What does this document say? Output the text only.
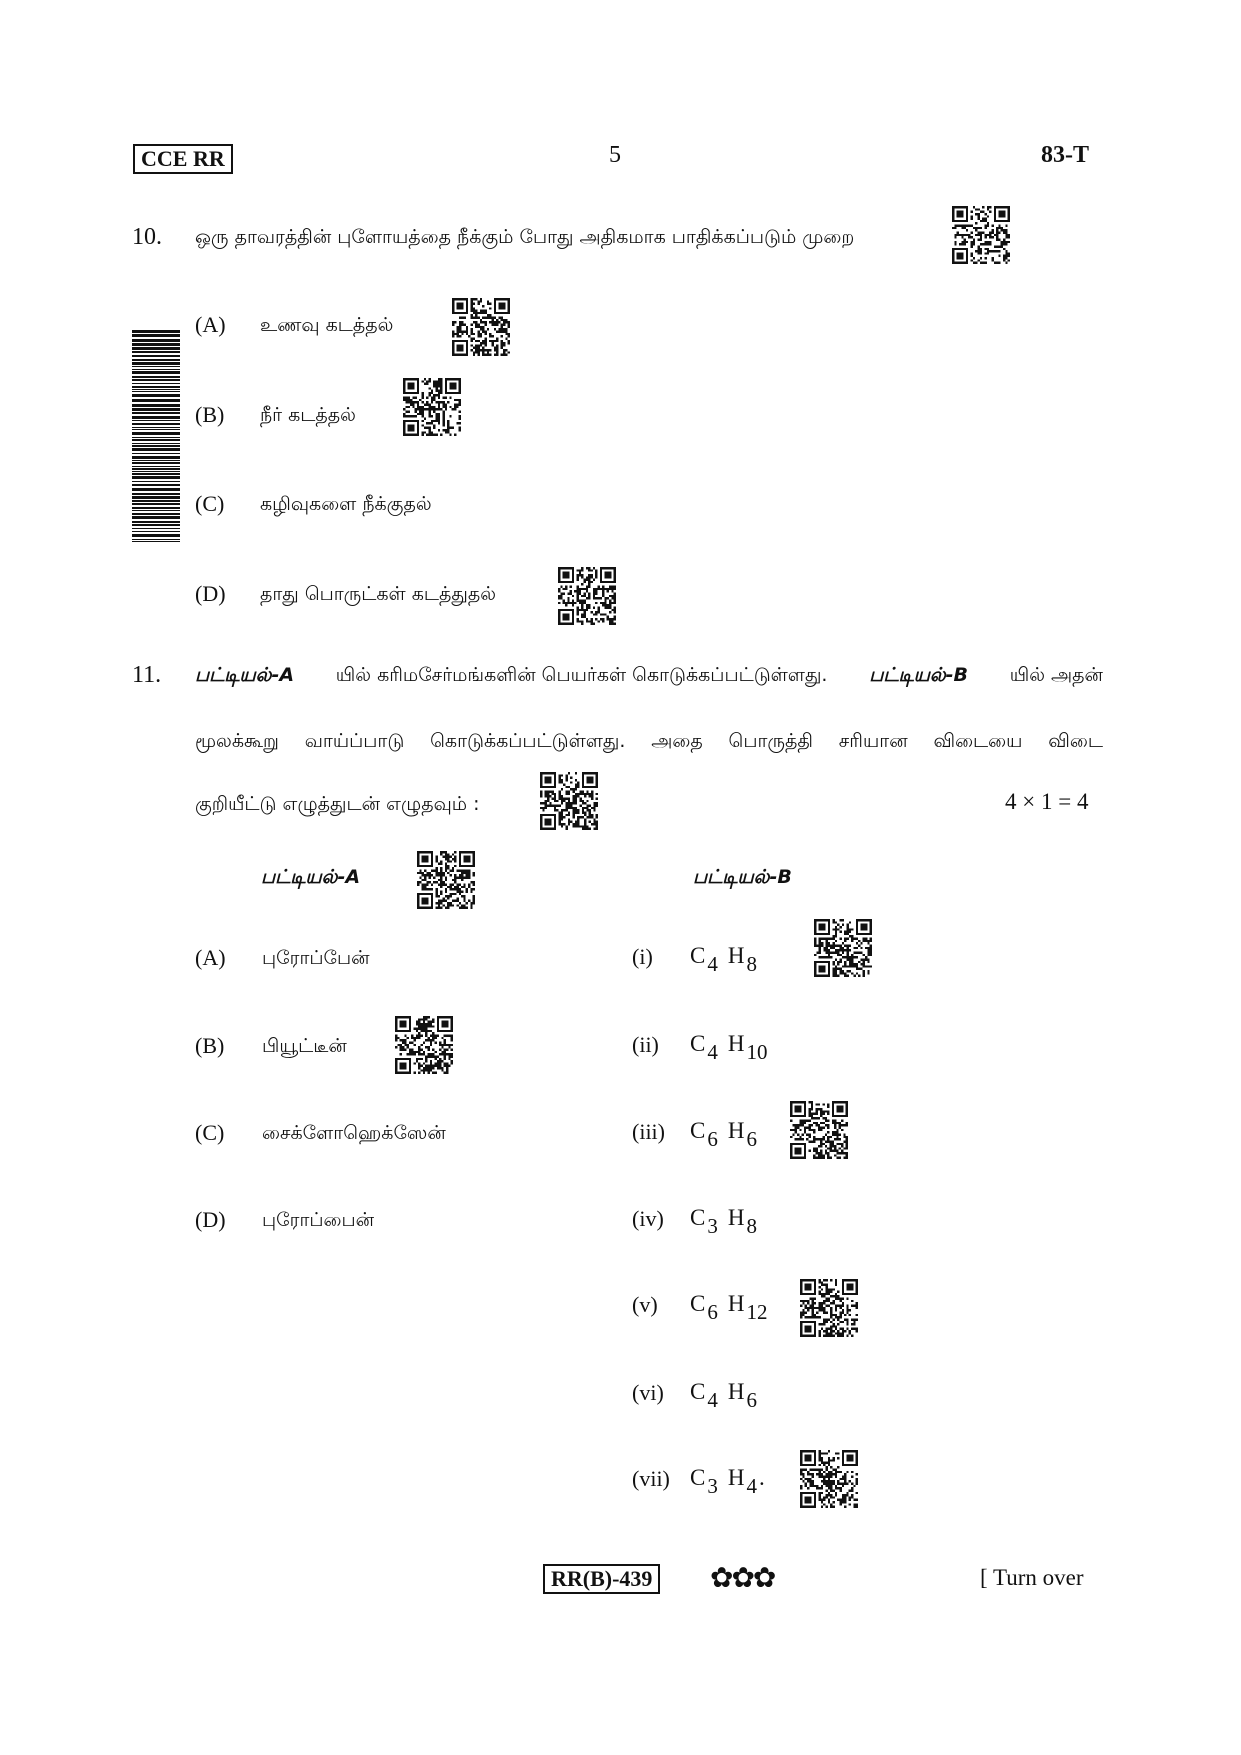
CCE RR	5	83-T
10. ஒரு தாவரத்தின் புளோயத்தை நீக்கும் போது அதிகமாக பாதிக்கப்படும் முறை
(A) உணவு கடத்தல்
(B) நீர் கடத்தல்
(C) கழிவுகளை நீக்குதல்
(D) தாது பொருட்கள் கடத்துதல்
11. பட்டியல்-A யில் கரிமசேர்மங்களின் பெயர்கள் கொடுக்கப்பட்டுள்ளது. பட்டியல்-B யில் அதன்
மூலக்கூறு வாய்ப்பாடு கொடுக்கப்பட்டுள்ளது. அதை பொருத்தி சரியான விடையை விடை
குறியீட்டு எழுத்துடன் எழுதவும் :	4 × 1 = 4
பட்டியல்-A	பட்டியல்-B
(A) புரோப்பேன்
(B) பியூட்டீன்
(C) சைக்ளோஹெக்ஸேன்
(D) புரோப்பைன்
(i) $C_4$ $H_8$
(ii) $C_4$ $H_{10}$
(iii) $C_6$ $H_6$
(iv) $C_3$ $H_8$
(v) $C_6$ $H_{12}$
(vi) $C_4$ $H_6$
(vii) $C_3$ $H_4$.
RR(B)-439 ✿✿✿	[ Turn over
